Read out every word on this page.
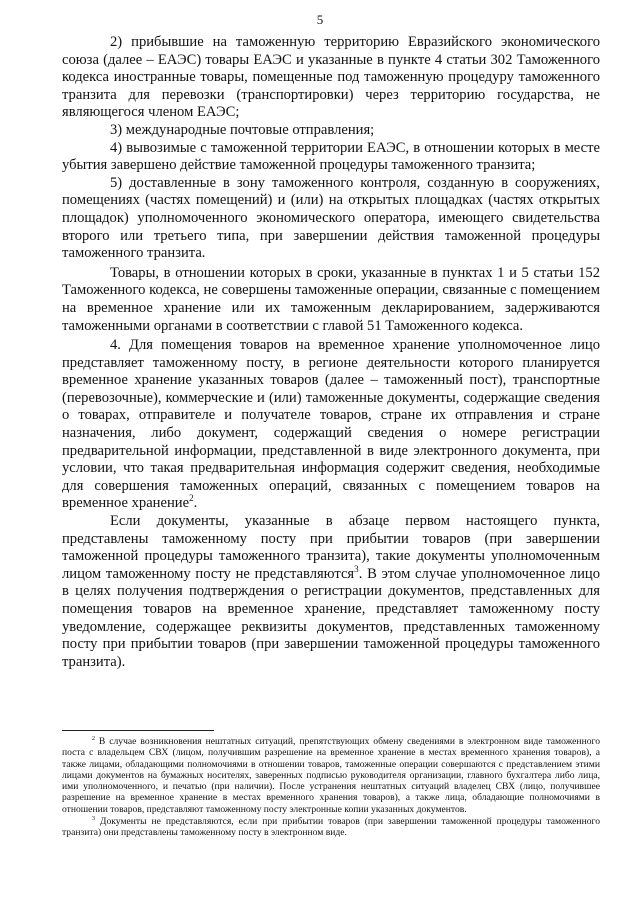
5

2) прибывшие на таможенную территорию Евразийского экономического союза (далее – ЕАЭС) товары ЕАЭС и указанные в пункте 4 статьи 302 Таможенного кодекса иностранные товары, помещенные под таможенную процедуру таможенного транзита для перевозки (транспортировки) через территорию государства, не являющегося членом ЕАЭС;

3) международные почтовые отправления;

4) вывозимые с таможенной территории ЕАЭС, в отношении которых в месте убытия завершено действие таможенной процедуры таможенного транзита;

5) доставленные в зону таможенного контроля, созданную в сооружениях, помещениях (частях помещений) и (или) на открытых площадках (частях открытых площадок) уполномоченного экономического оператора, имеющего свидетельства второго или третьего типа, при завершении действия таможенной процедуры таможенного транзита.

Товары, в отношении которых в сроки, указанные в пунктах 1 и 5 статьи 152 Таможенного кодекса, не совершены таможенные операции, связанные с помещением на временное хранение или их таможенным декларированием, задерживаются таможенными органами в соответствии с главой 51 Таможенного кодекса.

4. Для помещения товаров на временное хранение уполномоченное лицо представляет таможенному посту, в регионе деятельности которого планируется временное хранение указанных товаров (далее – таможенный пост), транспортные (перевозочные), коммерческие и (или) таможенные документы, содержащие сведения о товарах, отправителе и получателе товаров, стране их отправления и стране назначения, либо документ, содержащий сведения о номере регистрации предварительной информации, представленной в виде электронного документа, при условии, что такая предварительная информация содержит сведения, необходимые для совершения таможенных операций, связанных с помещением товаров на временное хранение$^2$.

Если документы, указанные в абзаце первом настоящего пункта, представлены таможенному посту при прибытии товаров (при завершении таможенной процедуры таможенного транзита), такие документы уполномоченным лицом таможенному посту не представляются$^3$. В этом случае уполномоченное лицо в целях получения подтверждения о регистрации документов, представленных для помещения товаров на временное хранение, представляет таможенному посту уведомление, содержащее реквизиты документов, представленных таможенному посту при прибытии товаров (при завершении таможенной процедуры таможенного транзита).

$^2$ В случае возникновения нештатных ситуаций, препятствующих обмену сведениями в электронном виде таможенного поста с владельцем СВХ (лицом, получившим разрешение на временное хранение в местах временного хранения товаров), а также лицами, обладающими полномочиями в отношении товаров, таможенные операции совершаются с представлением этими лицами документов на бумажных носителях, заверенных подписью руководителя организации, главного бухгалтера либо лица, ими уполномоченного, и печатью (при наличии). После устранения нештатных ситуаций владелец СВХ (лицо, получившее разрешение на временное хранение в местах временного хранения товаров), а также лица, обладающие полномочиями в отношении товаров, представляют таможенному посту электронные копии указанных документов.

$^3$ Документы не представляются, если при прибытии товаров (при завершении таможенной процедуры таможенного транзита) они представлены таможенному посту в электронном виде.
